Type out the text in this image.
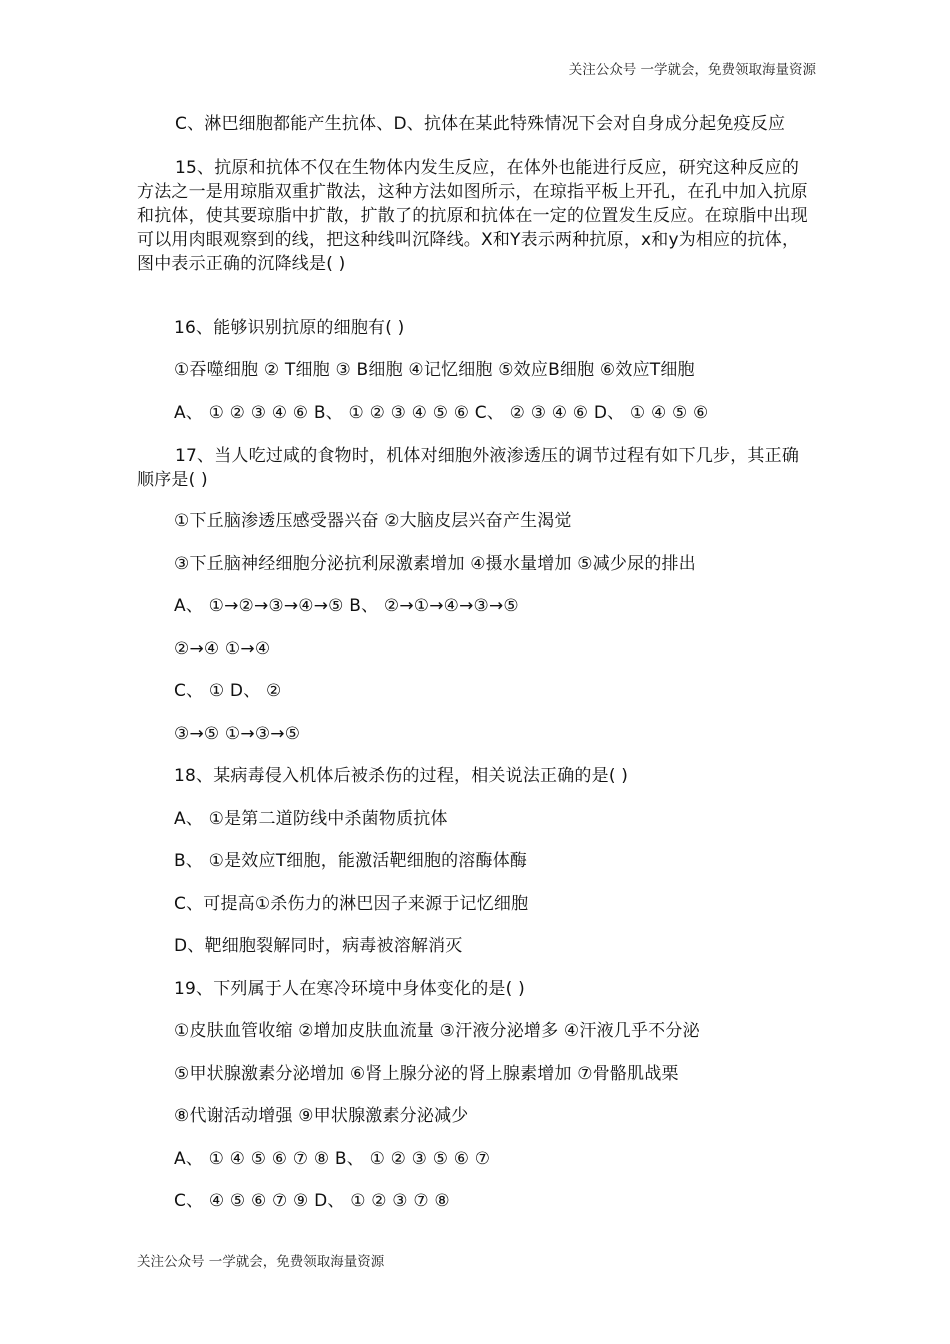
关注公众号 一学就会，免费领取海量资源

C、淋巴细胞都能产生抗体、D、抗体在某此特殊情况下会对自身成分起免疫反应

15、抗原和抗体不仅在生物体内发生反应，在体外也能进行反应，研究这种反应的方法之一是用琼脂双重扩散法，这种方法如图所示，在琼指平板上开孔，在孔中加入抗原和抗体，使其要琼脂中扩散，扩散了的抗原和抗体在一定的位置发生反应。在琼脂中出现可以用肉眼观察到的线，把这种线叫沉降线。X和Y表示两种抗原，x和y为相应的抗体，图中表示正确的沉降线是( )

16、能够识别抗原的细胞有( )
①吞噬细胞 ② T细胞 ③ B细胞 ④记忆细胞 ⑤效应B细胞 ⑥效应T细胞
A、 ① ② ③ ④ ⑥ B、 ① ② ③ ④ ⑤ ⑥ C、 ② ③ ④ ⑥ D、 ① ④ ⑤ ⑥

17、当人吃过咸的食物时，机体对细胞外液渗透压的调节过程有如下几步，其正确顺序是( )

①下丘脑渗透压感受器兴奋 ②大脑皮层兴奋产生渴觉
③下丘脑神经细胞分泌抗利尿激素增加 ④摄水量增加 ⑤减少尿的排出
A、 ①→②→③→④→⑤ B、 ②→①→④→③→⑤
②→④ ①→④
C、 ① D、 ②
③→⑤ ①→③→⑤
18、某病毒侵入机体后被杀伤的过程，相关说法正确的是( )
A、 ①是第二道防线中杀菌物质抗体
B、 ①是效应T细胞，能激活靶细胞的溶酶体酶
C、可提高①杀伤力的淋巴因子来源于记忆细胞
D、靶细胞裂解同时，病毒被溶解消灭
19、下列属于人在寒冷环境中身体变化的是( )
①皮肤血管收缩 ②增加皮肤血流量 ③汗液分泌增多 ④汗液几乎不分泌
⑤甲状腺激素分泌增加 ⑥肾上腺分泌的肾上腺素增加 ⑦骨骼肌战栗
⑧代谢活动增强 ⑨甲状腺激素分泌减少
A、 ① ④ ⑤ ⑥ ⑦ ⑧ B、 ① ② ③ ⑤ ⑥ ⑦
C、 ④ ⑤ ⑥ ⑦ ⑨ D、 ① ② ③ ⑦ ⑧
关注公众号 一学就会，免费领取海量资源
